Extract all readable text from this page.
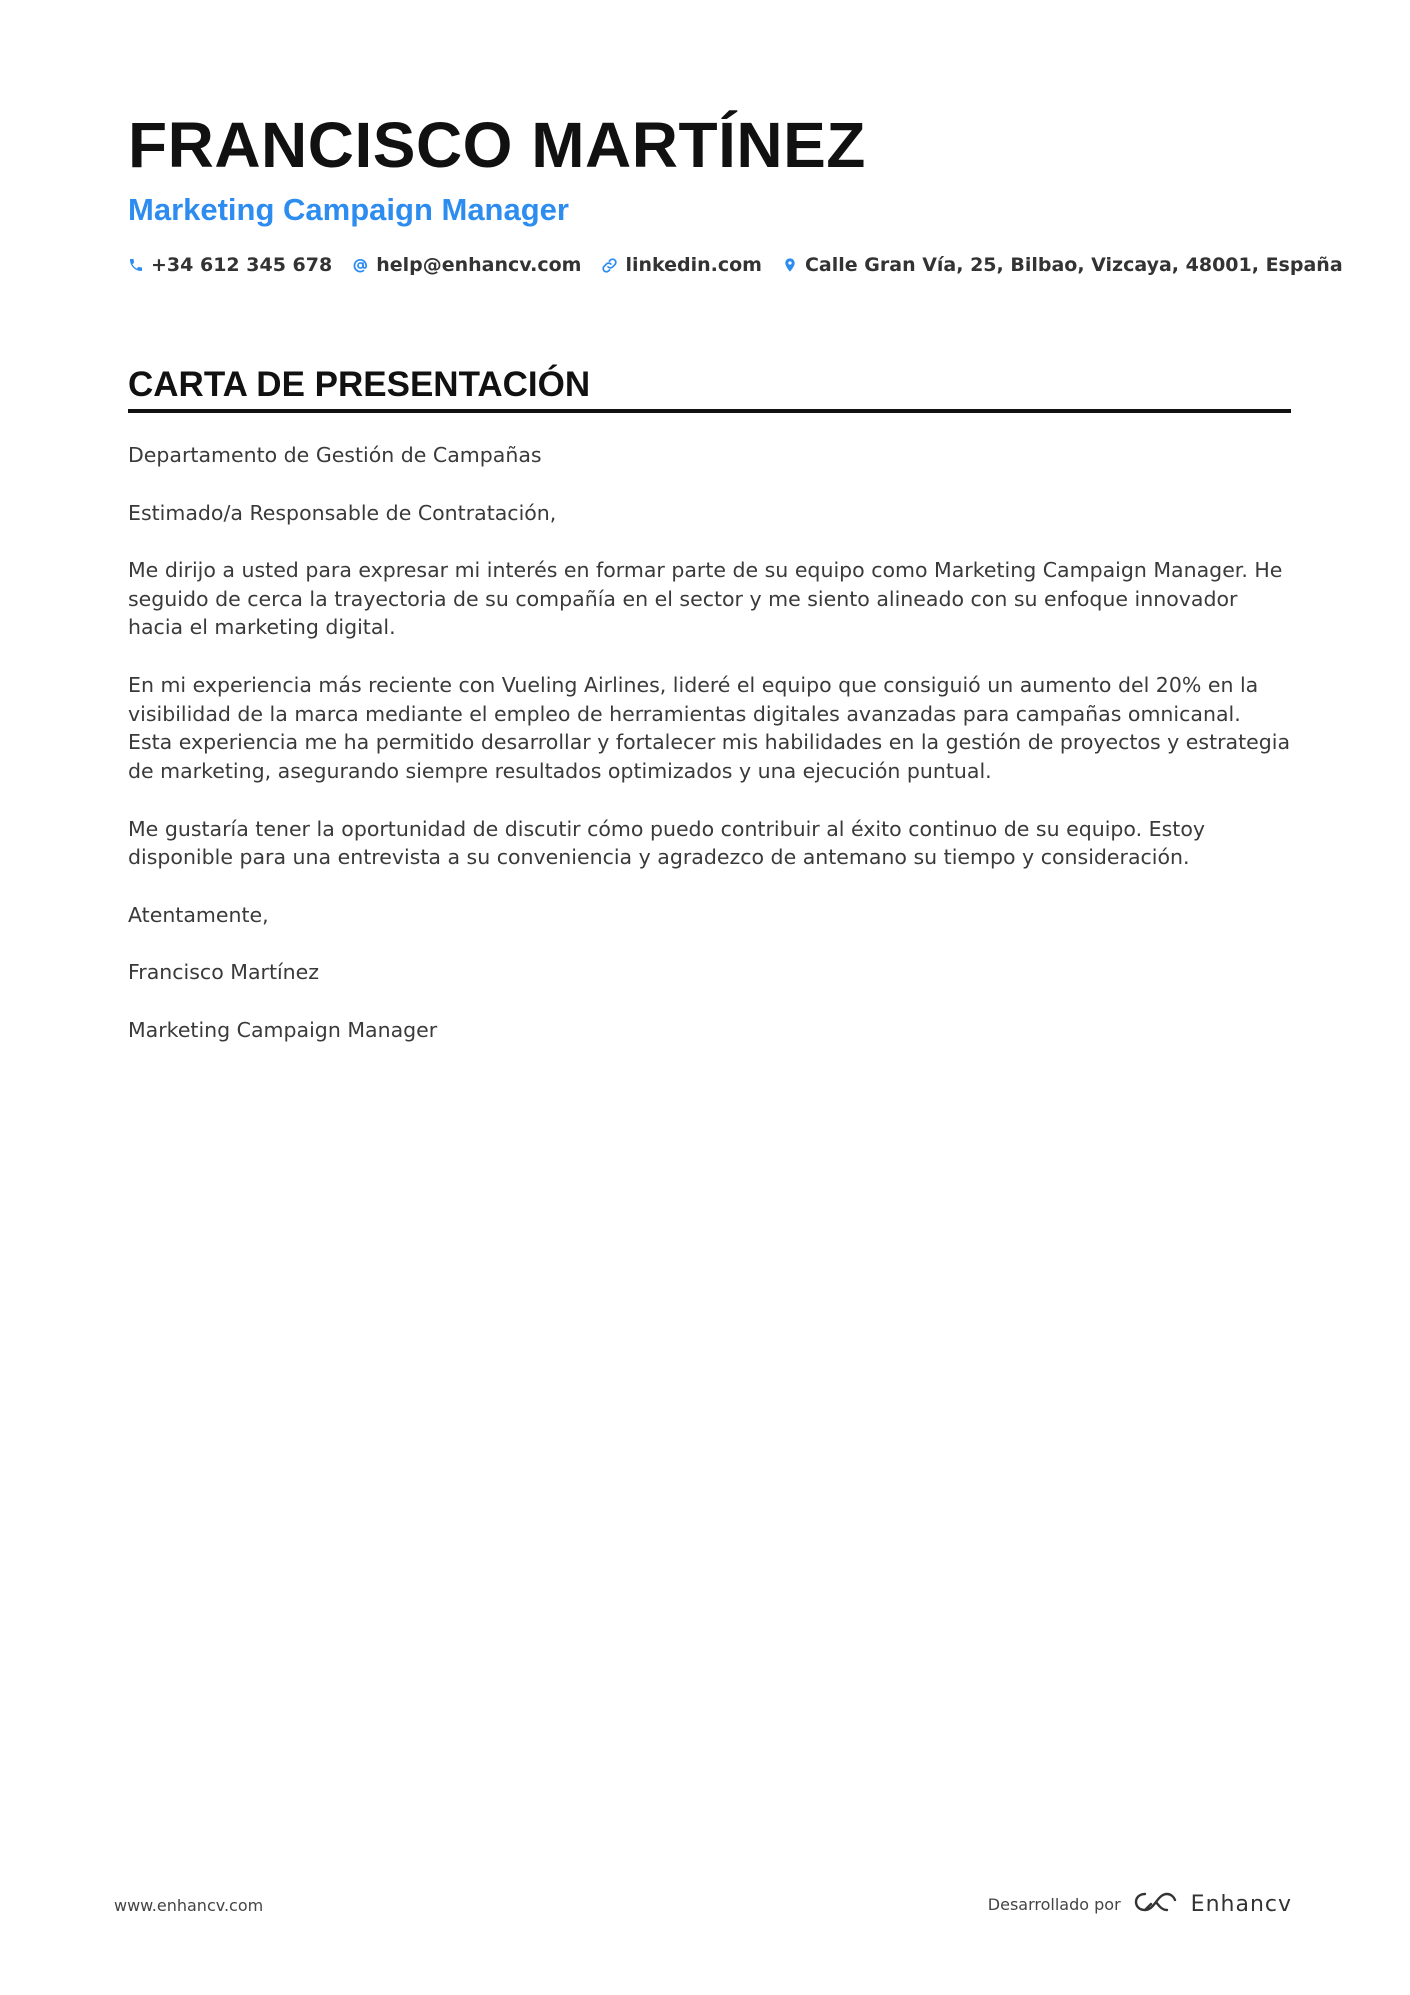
FRANCISCO MARTÍNEZ
Marketing Campaign Manager
+34 612 345 678 help@enhancv.com linkedin.com Calle Gran Vía, 25, Bilbao, Vizcaya, 48001, España
CARTA DE PRESENTACIÓN

Departamento de Gestión de Campañas

Estimado/a Responsable de Contratación,

Me dirijo a usted para expresar mi interés en formar parte de su equipo como Marketing Campaign Manager. He seguido de cerca la trayectoria de su compañía en el sector y me siento alineado con su enfoque innovador hacia el marketing digital.

En mi experiencia más reciente con Vueling Airlines, lideré el equipo que consiguió un aumento del 20% en la visibilidad de la marca mediante el empleo de herramientas digitales avanzadas para campañas omnicanal. Esta experiencia me ha permitido desarrollar y fortalecer mis habilidades en la gestión de proyectos y estrategia de marketing, asegurando siempre resultados optimizados y una ejecución puntual.

Me gustaría tener la oportunidad de discutir cómo puedo contribuir al éxito continuo de su equipo. Estoy disponible para una entrevista a su conveniencia y agradezco de antemano su tiempo y consideración.

Atentamente,

Francisco Martínez

Marketing Campaign Manager

www.enhancv.com	Desarrollado por	Enhancv
